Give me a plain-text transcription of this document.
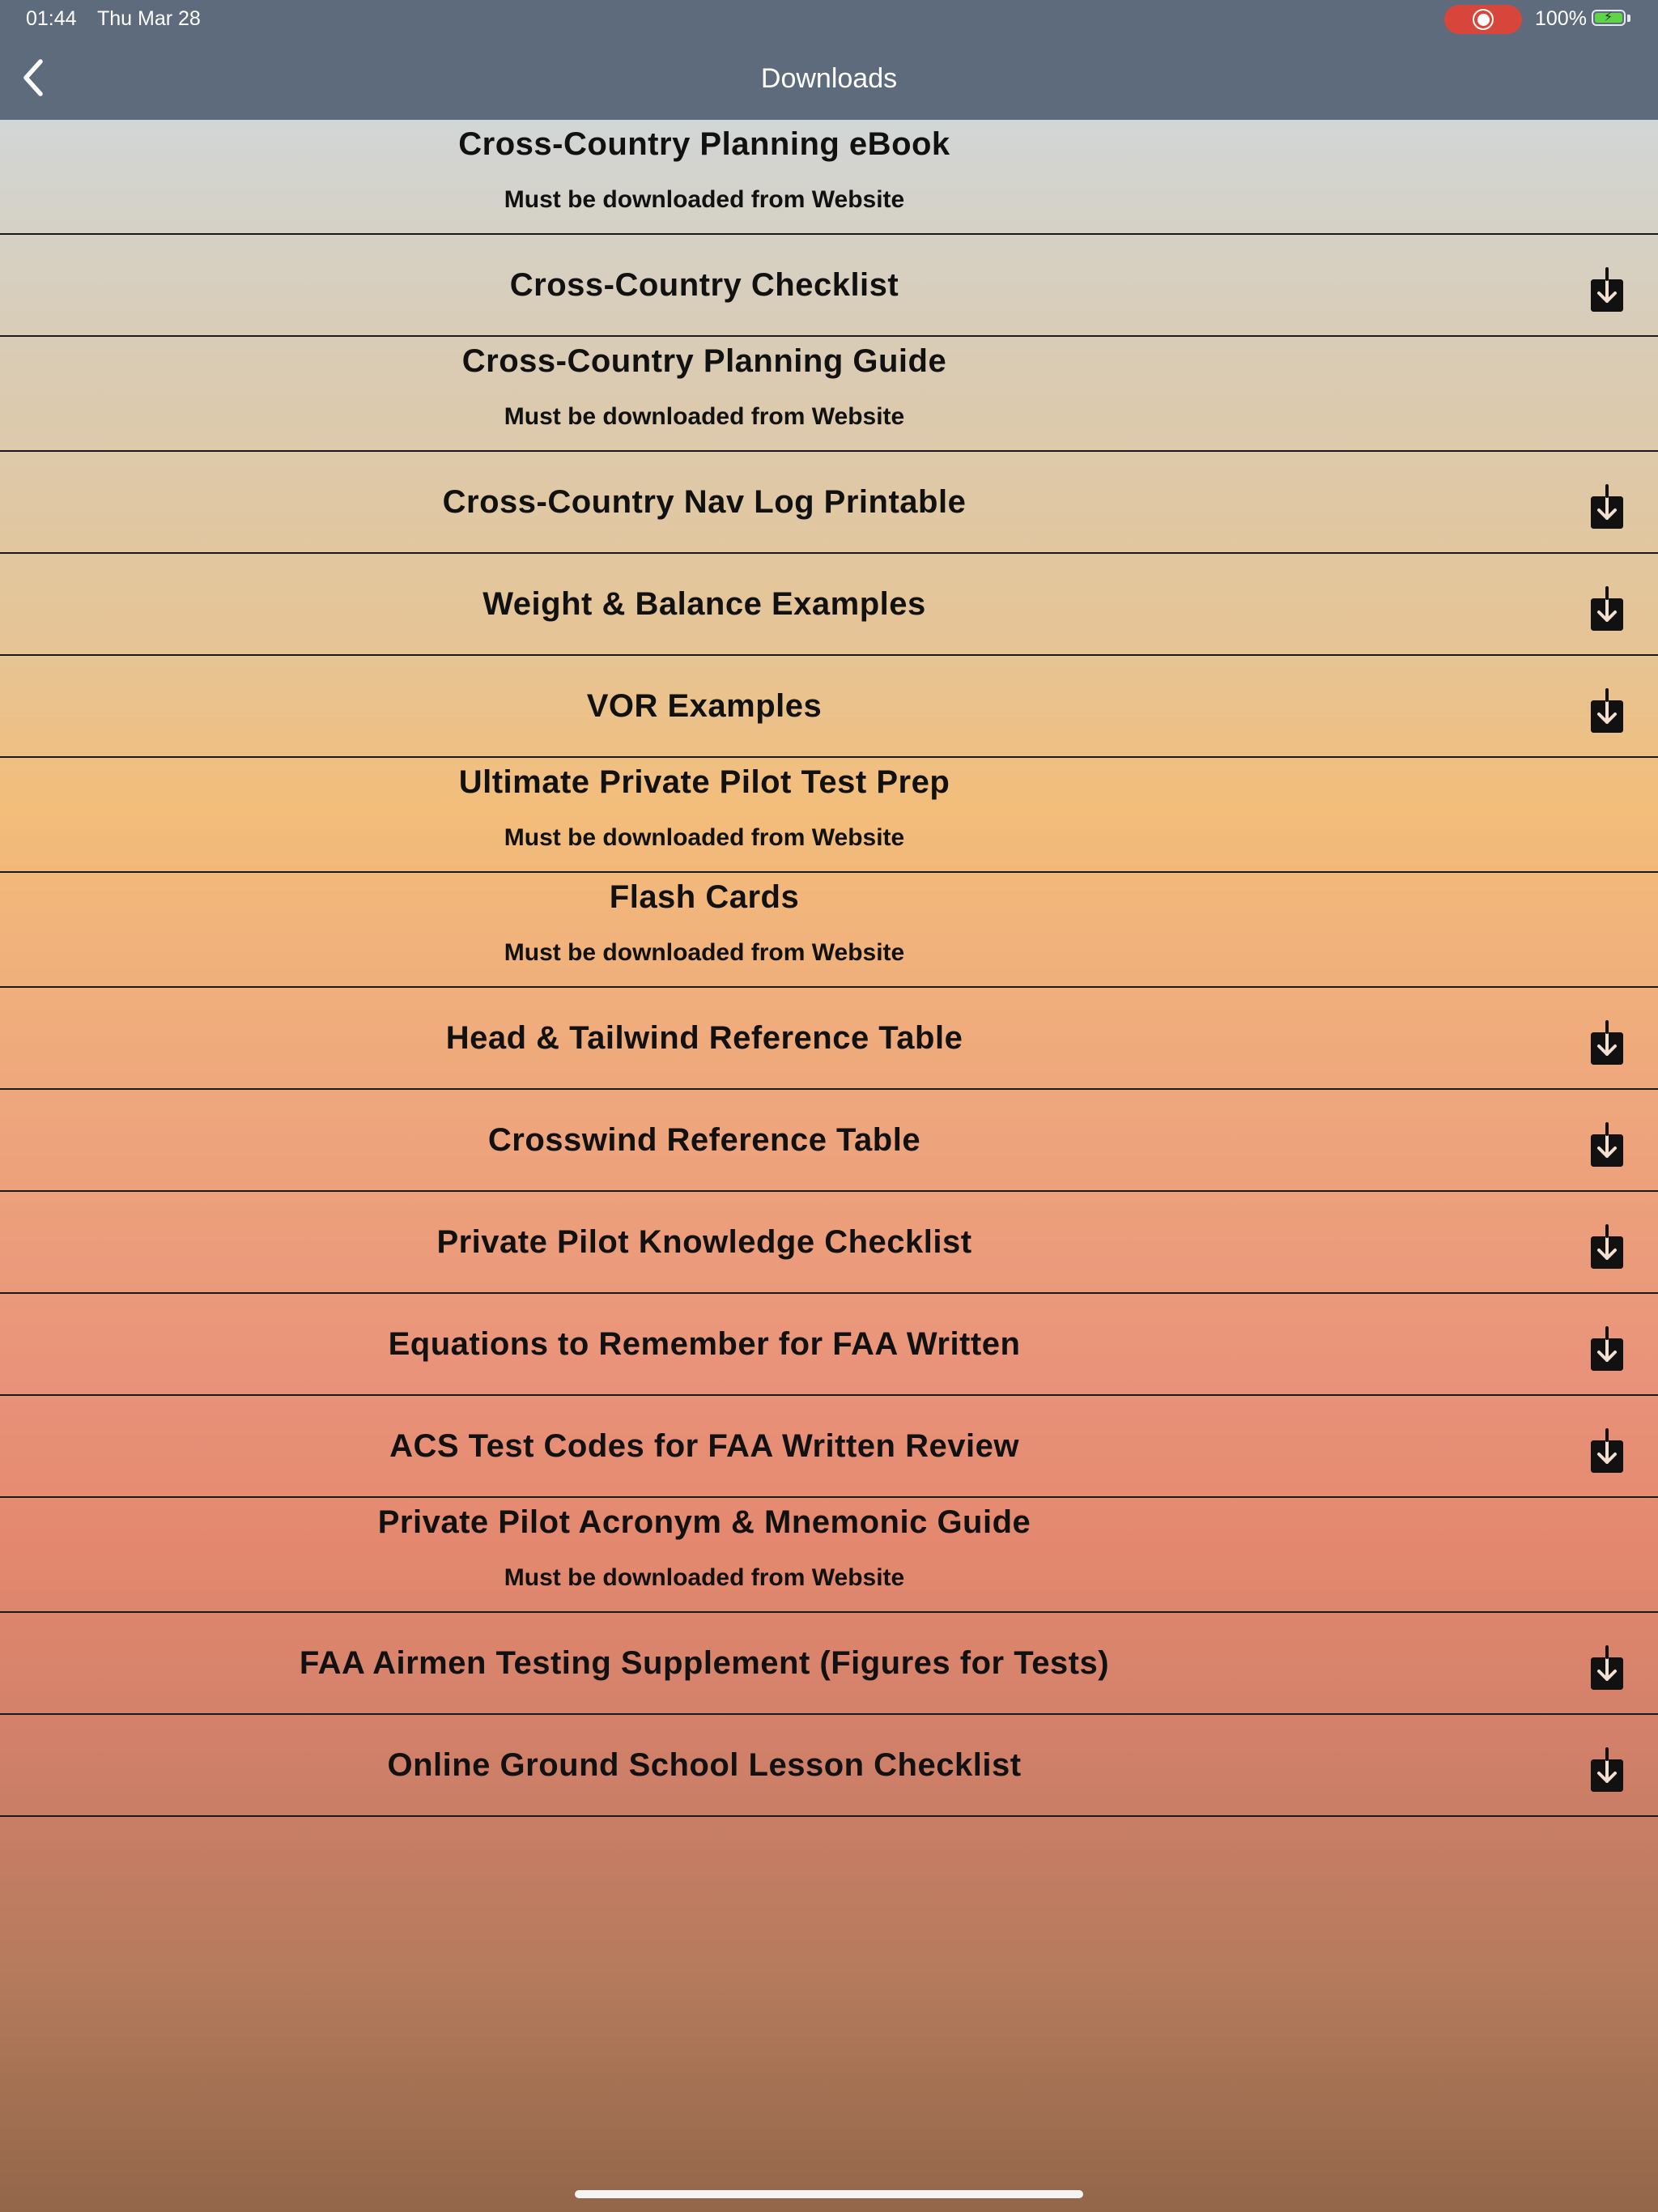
01:44 Thu Mar 28	100% ⚡
Downloads
Cross-Country Planning eBook
Must be downloaded from Website
Cross-Country Checklist
Cross-Country Planning Guide
Must be downloaded from Website
Cross-Country Nav Log Printable
Weight & Balance Examples
VOR Examples
Ultimate Private Pilot Test Prep
Must be downloaded from Website
Flash Cards
Must be downloaded from Website
Head & Tailwind Reference Table
Crosswind Reference Table
Private Pilot Knowledge Checklist
Equations to Remember for FAA Written
ACS Test Codes for FAA Written Review
Private Pilot Acronym & Mnemonic Guide
Must be downloaded from Website
FAA Airmen Testing Supplement (Figures for Tests)
Online Ground School Lesson Checklist
